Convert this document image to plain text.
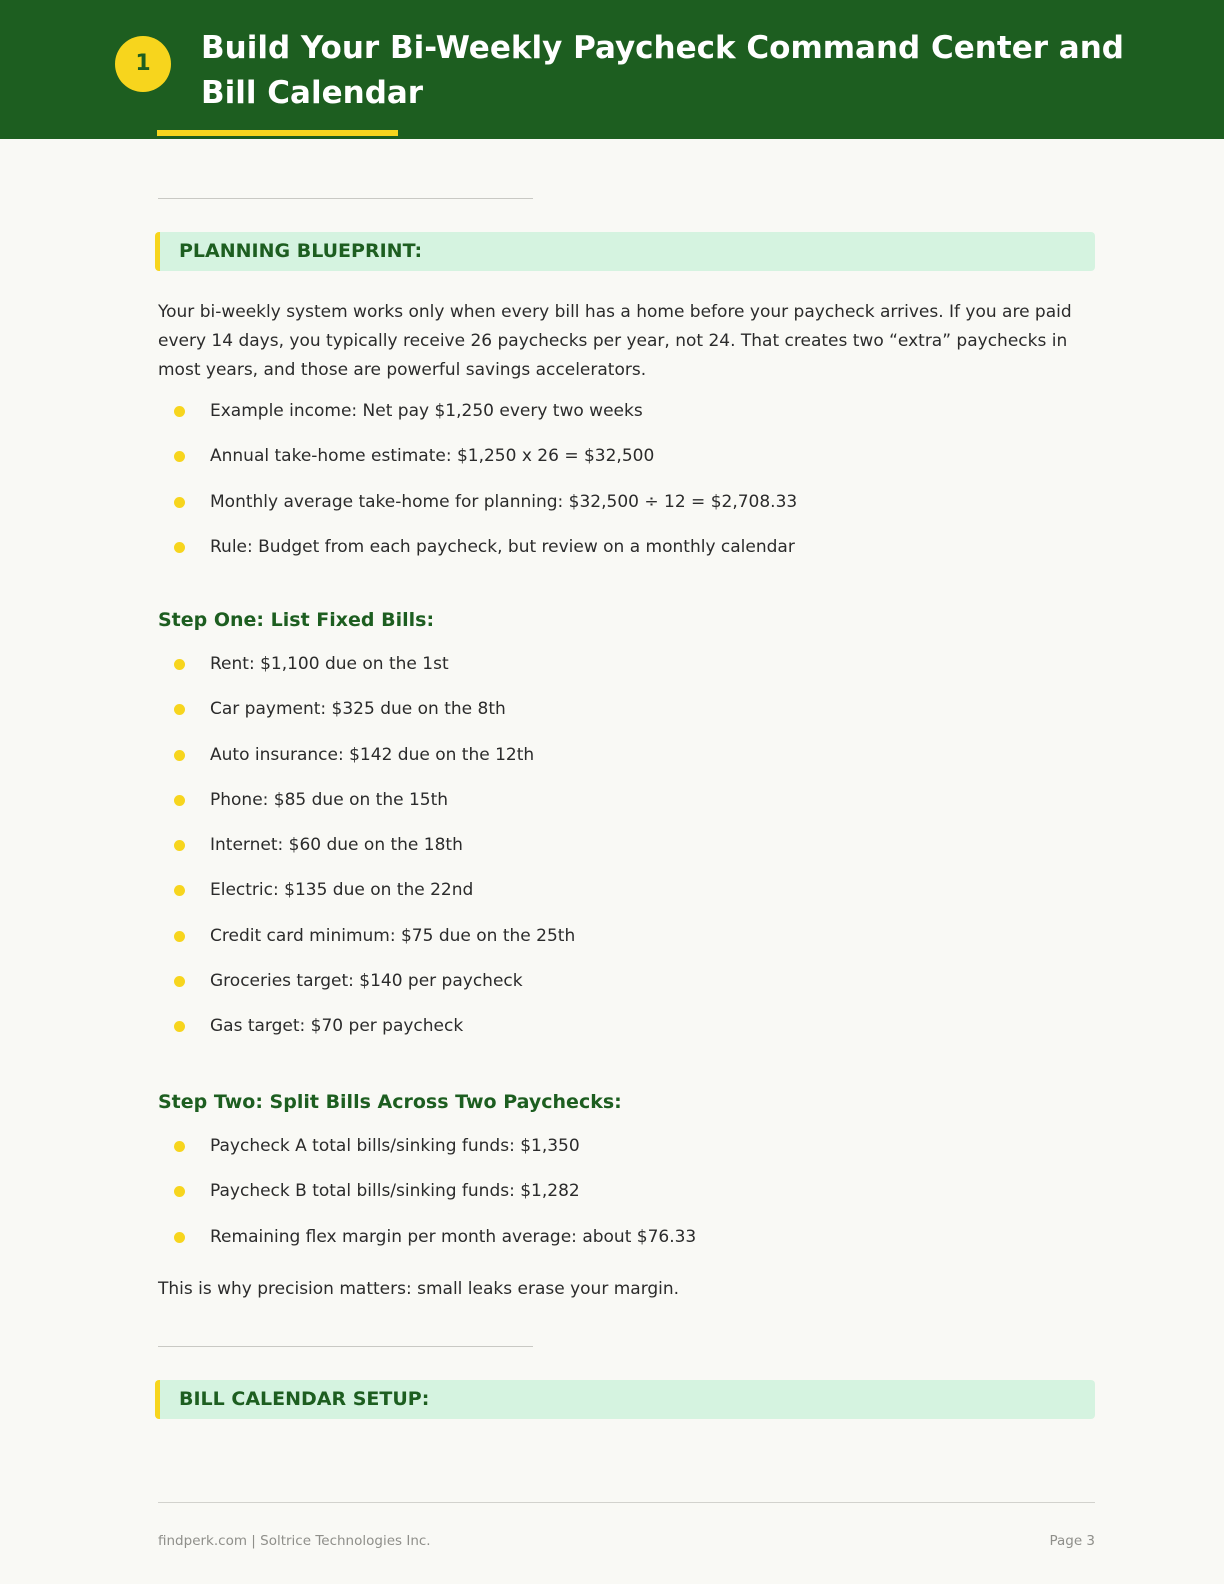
1	Build Your Bi-Weekly Paycheck Command Center and Bill Calendar
PLANNING BLUEPRINT:

Your bi-weekly system works only when every bill has a home before your paycheck arrives. If you are paid every 14 days, you typically receive 26 paychecks per year, not 24. That creates two “extra” paychecks in most years, and those are powerful savings accelerators.

Example income: Net pay $1,250 every two weeks
Annual take-home estimate: $1,250 x 26 = $32,500
Monthly average take-home for planning: $32,500 ÷ 12 = $2,708.33
Rule: Budget from each paycheck, but review on a monthly calendar
Step One: List Fixed Bills:
Rent: $1,100 due on the 1st
Car payment: $325 due on the 8th
Auto insurance: $142 due on the 12th
Phone: $85 due on the 15th
Internet: $60 due on the 18th
Electric: $135 due on the 22nd
Credit card minimum: $75 due on the 25th
Groceries target: $140 per paycheck
Gas target: $70 per paycheck
Step Two: Split Bills Across Two Paychecks:
Paycheck A total bills/sinking funds: $1,350
Paycheck B total bills/sinking funds: $1,282
Remaining flex margin per month average: about $76.33

This is why precision matters: small leaks erase your margin.

BILL CALENDAR SETUP:
findperk.com | Soltrice Technologies Inc.	Page 3
